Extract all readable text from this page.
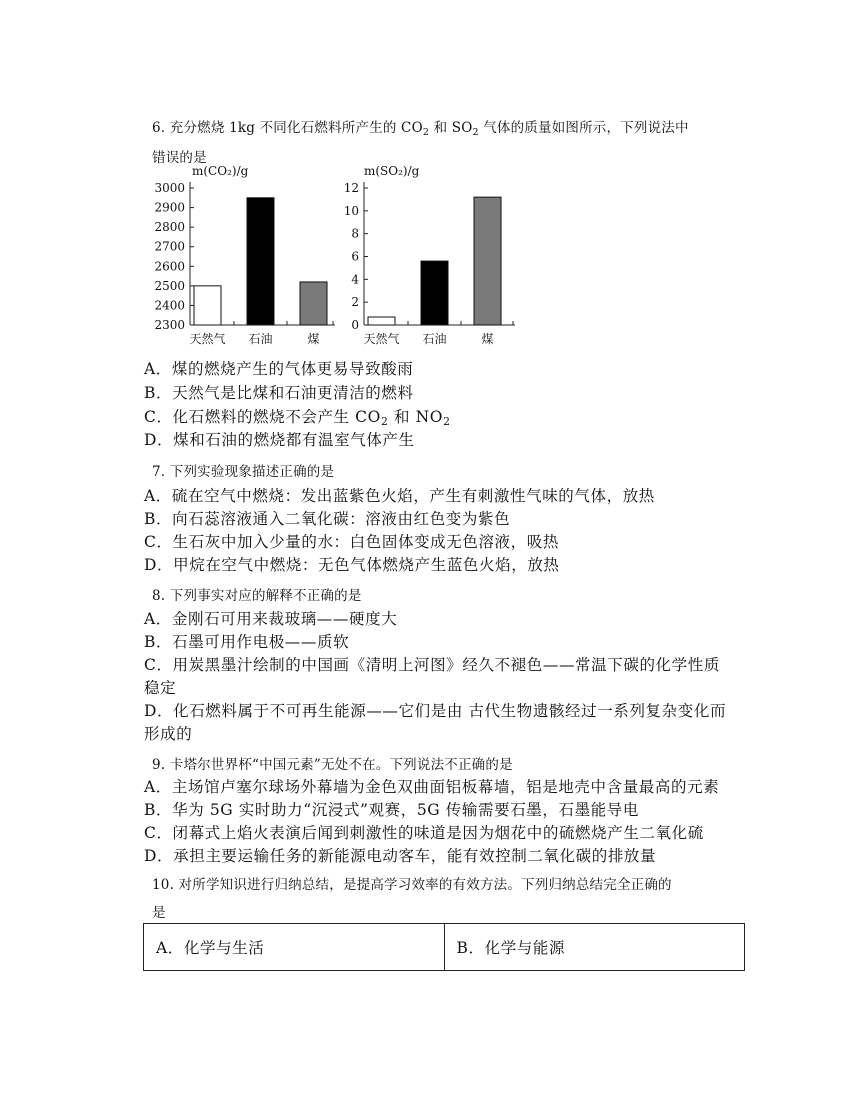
6. 充分燃烧 1kg 不同化石燃料所产生的 $CO_2$ 和 $SO_2$ 气体的质量如图所示，下列说法中
错误的是
m(CO₂)/g
3000
2900
2800
2700
2600
2500
2400
2300
天然气 石油	煤
m(SO₂)/g
12
10
8
6
4
2
0
天然气 石油	煤
A．煤的燃烧产生的气体更易导致酸雨
B．天然气是比煤和石油更清洁的燃料
C．化石燃料的燃烧不会产生 CO2 和 NO2
D．煤和石油的燃烧都有温室气体产生
7. 下列实验现象描述正确的是
A．硫在空气中燃烧：发出蓝紫色火焰，产生有刺激性气味的气体，放热
B．向石蕊溶液通入二氧化碳：溶液由红色变为紫色
C．生石灰中加入少量的水：白色固体变成无色溶液，吸热
D．甲烷在空气中燃烧：无色气体燃烧产生蓝色火焰，放热
8. 下列事实对应的解释不正确的是
A．金刚石可用来裁玻璃——硬度大
B．石墨可用作电极——质软
C．用炭黑墨汁绘制的中国画《清明上河图》经久不褪色——常温下碳的化学性质
稳定
D．化石燃料属于不可再生能源——它们是由 古代生物遗骸经过一系列复杂变化而
形成的
9. 卡塔尔世界杯“中国元素”无处不在。下列说法不正确的是
A．主场馆卢塞尔球场外幕墙为金色双曲面铝板幕墙，铝是地壳中含量最高的元素
B．华为 5G 实时助力“沉浸式”观赛，5G 传输需要石墨，石墨能导电
C．闭幕式上焰火表演后闻到刺激性的味道是因为烟花中的硫燃烧产生二氧化硫
D．承担主要运输任务的新能源电动客车，能有效控制二氧化碳的排放量
10. 对所学知识进行归纳总结，是提高学习效率的有效方法。下列归纳总结完全正确的
是
A．化学与生活	B．化学与能源
